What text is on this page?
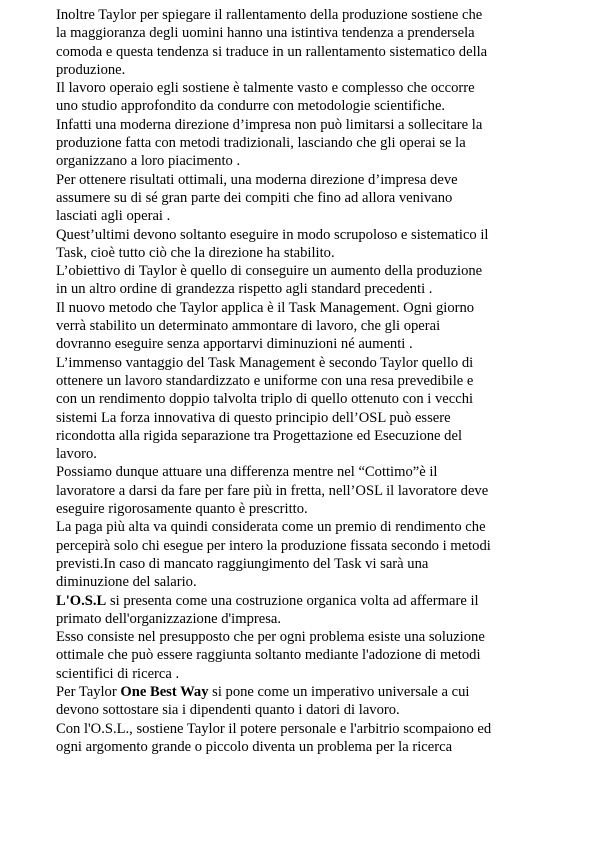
Inoltre Taylor per spiegare il rallentamento della produzione sostiene che
la maggioranza degli uomini hanno una istintiva tendenza a prendersela
comoda e questa tendenza si traduce in un rallentamento sistematico della
produzione.

Il lavoro operaio egli sostiene è talmente vasto e complesso che occorre
uno studio approfondito da condurre con metodologie scientifiche.

Infatti una moderna direzione d’impresa non può limitarsi a sollecitare la
produzione fatta con metodi tradizionali, lasciando che gli operai se la
organizzano a loro piacimento .

Per ottenere risultati ottimali, una moderna direzione d’impresa deve
assumere su di sé gran parte dei compiti che fino ad allora venivano
lasciati agli operai .

Quest’ultimi devono soltanto eseguire in modo scrupoloso e sistematico il
Task, cioè tutto ciò che la direzione ha stabilito.

L’obiettivo di Taylor è quello di conseguire un aumento della produzione
in un altro ordine di grandezza rispetto agli standard precedenti .

Il nuovo metodo che Taylor applica è il Task Management. Ogni giorno
verrà stabilito un determinato ammontare di lavoro, che gli operai
dovranno eseguire senza apportarvi diminuzioni né aumenti .

L’immenso vantaggio del Task Management è secondo Taylor quello di
ottenere un lavoro standardizzato e uniforme con una resa prevedibile e
con un rendimento doppio talvolta triplo di quello ottenuto con i vecchi
sistemi La forza innovativa di questo principio dell’OSL può essere
ricondotta alla rigida separazione tra Progettazione ed Esecuzione del
lavoro.

Possiamo dunque attuare una differenza mentre nel “Cottimo”è il
lavoratore a darsi da fare per fare più in fretta, nell’OSL il lavoratore deve
eseguire rigorosamente quanto è prescritto.

La paga più alta va quindi considerata come un premio di rendimento che
percepirà solo chi esegue per intero la produzione fissata secondo i metodi
previsti.In caso di mancato raggiungimento del Task vi sarà una
diminuzione del salario.

L'O.S.L si presenta come una costruzione organica volta ad affermare il
primato dell'organizzazione d'impresa.

Esso consiste nel presupposto che per ogni problema esiste una soluzione
ottimale che può essere raggiunta soltanto mediante l'adozione di metodi
scientifici di ricerca .

Per Taylor One Best Way si pone come un imperativo universale a cui
devono sottostare sia i dipendenti quanto i datori di lavoro.

Con l'O.S.L., sostiene Taylor il potere personale e l'arbitrio scompaiono ed
ogni argomento grande o piccolo diventa un problema per la ricerca
